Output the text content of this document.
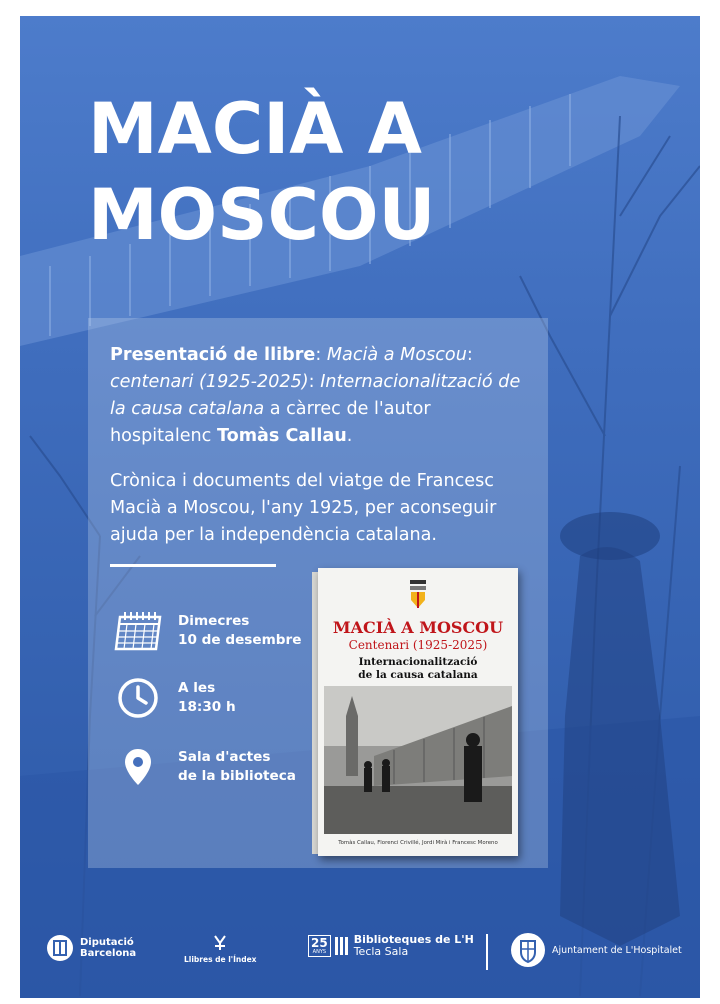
MACIÀ A
MOSCOU
Presentació de llibre: Macià a Moscou: centenari (1925-2025): Internacionalització de la causa catalana a càrrec de l'autor hospitalenc Tomàs Callau.
Crònica i documents del viatge de Francesc Macià a Moscou, l'any 1925, per aconseguir ajuda per la independència catalana.
Dimecres
10 de desembre
A les
18:30 h
Sala d'actes
de la biblioteca
MACIÀ A MOSCOU
Centenari (1925-2025)
Internacionalització
de la causa catalana
Tomàs Callau, Florenci Crivillé, Jordi Mirà i Francesc Moreno
Diputació
Barcelona
Llibres de l'Índex
25
ANYS
Biblioteques de L'H
Tecla Sala	Ajuntament de L'Hospitalet
